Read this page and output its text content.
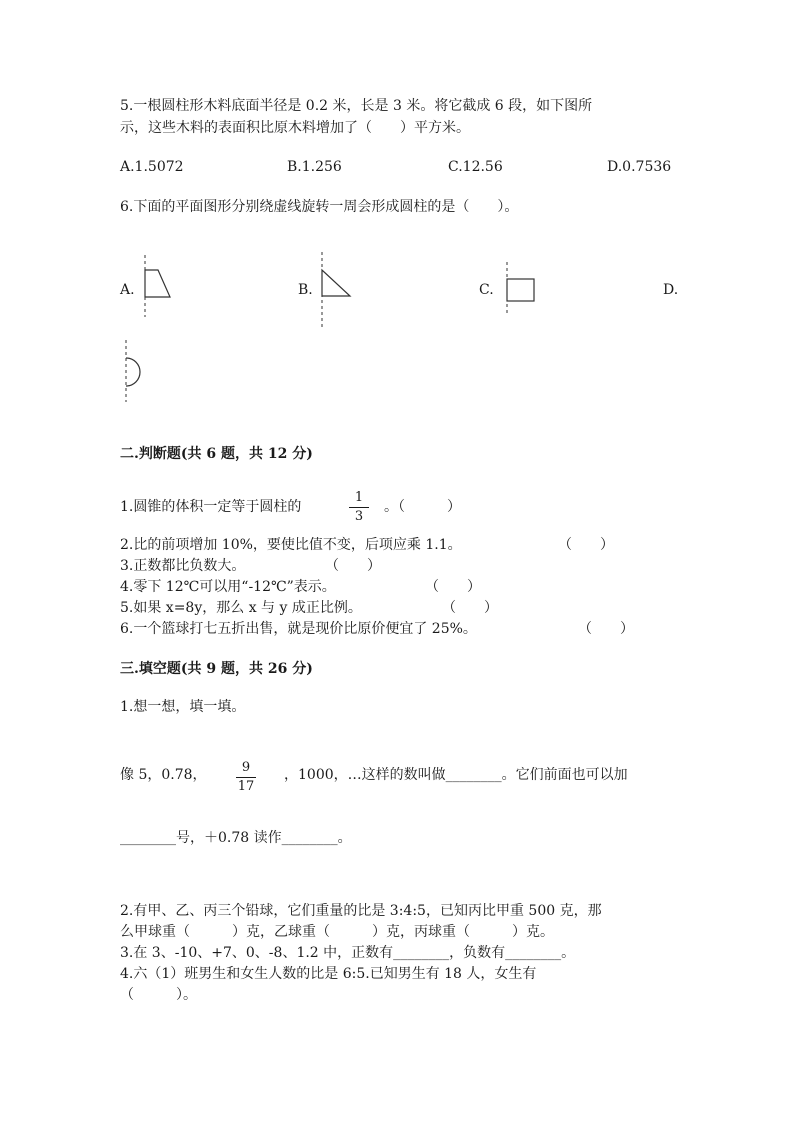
5.一根圆柱形木料底面半径是 0.2 米，长是 3 米。将它截成 6 段，如下图所
示，这些木料的表面积比原木料增加了（　　）平方米。
A.1.5072	B.1.256	C.12.56	D.0.7536
6.下面的平面图形分别绕虚线旋转一周会形成圆柱的是（　　）。
A.	B.	C.	D.
二.判断题(共 6 题，共 12 分)
1.圆锥的体积一定等于圆柱的
1
3
。（　　　）
2.比的前项增加 10%，要使比值不变，后项应乘 1.1。	（　　）
3.正数都比负数大。	（　　）
4.零下 12℃可以用“-12℃”表示。	（　　）
5.如果 x=8y，那么 x 与 y 成正比例。	（　　）
6.一个篮球打七五折出售，就是现价比原价便宜了 25%。	（　　）
三.填空题(共 9 题，共 26 分)
1.想一想，填一填。
像 5，0.78，	9
17
，1000，…这样的数叫做________。它们前面也可以加
________号，＋0.78 读作________。
2.有甲、乙、丙三个铅球，它们重量的比是 3:4:5，已知丙比甲重 500 克，那
么甲球重（　　　）克，乙球重（　　　）克，丙球重（　　　）克。
3.在 3、-10、+7、0、-8、1.2 中，正数有________，负数有________。
4.六（1）班男生和女生人数的比是 6:5.已知男生有 18 人，女生有
（　　　）。
